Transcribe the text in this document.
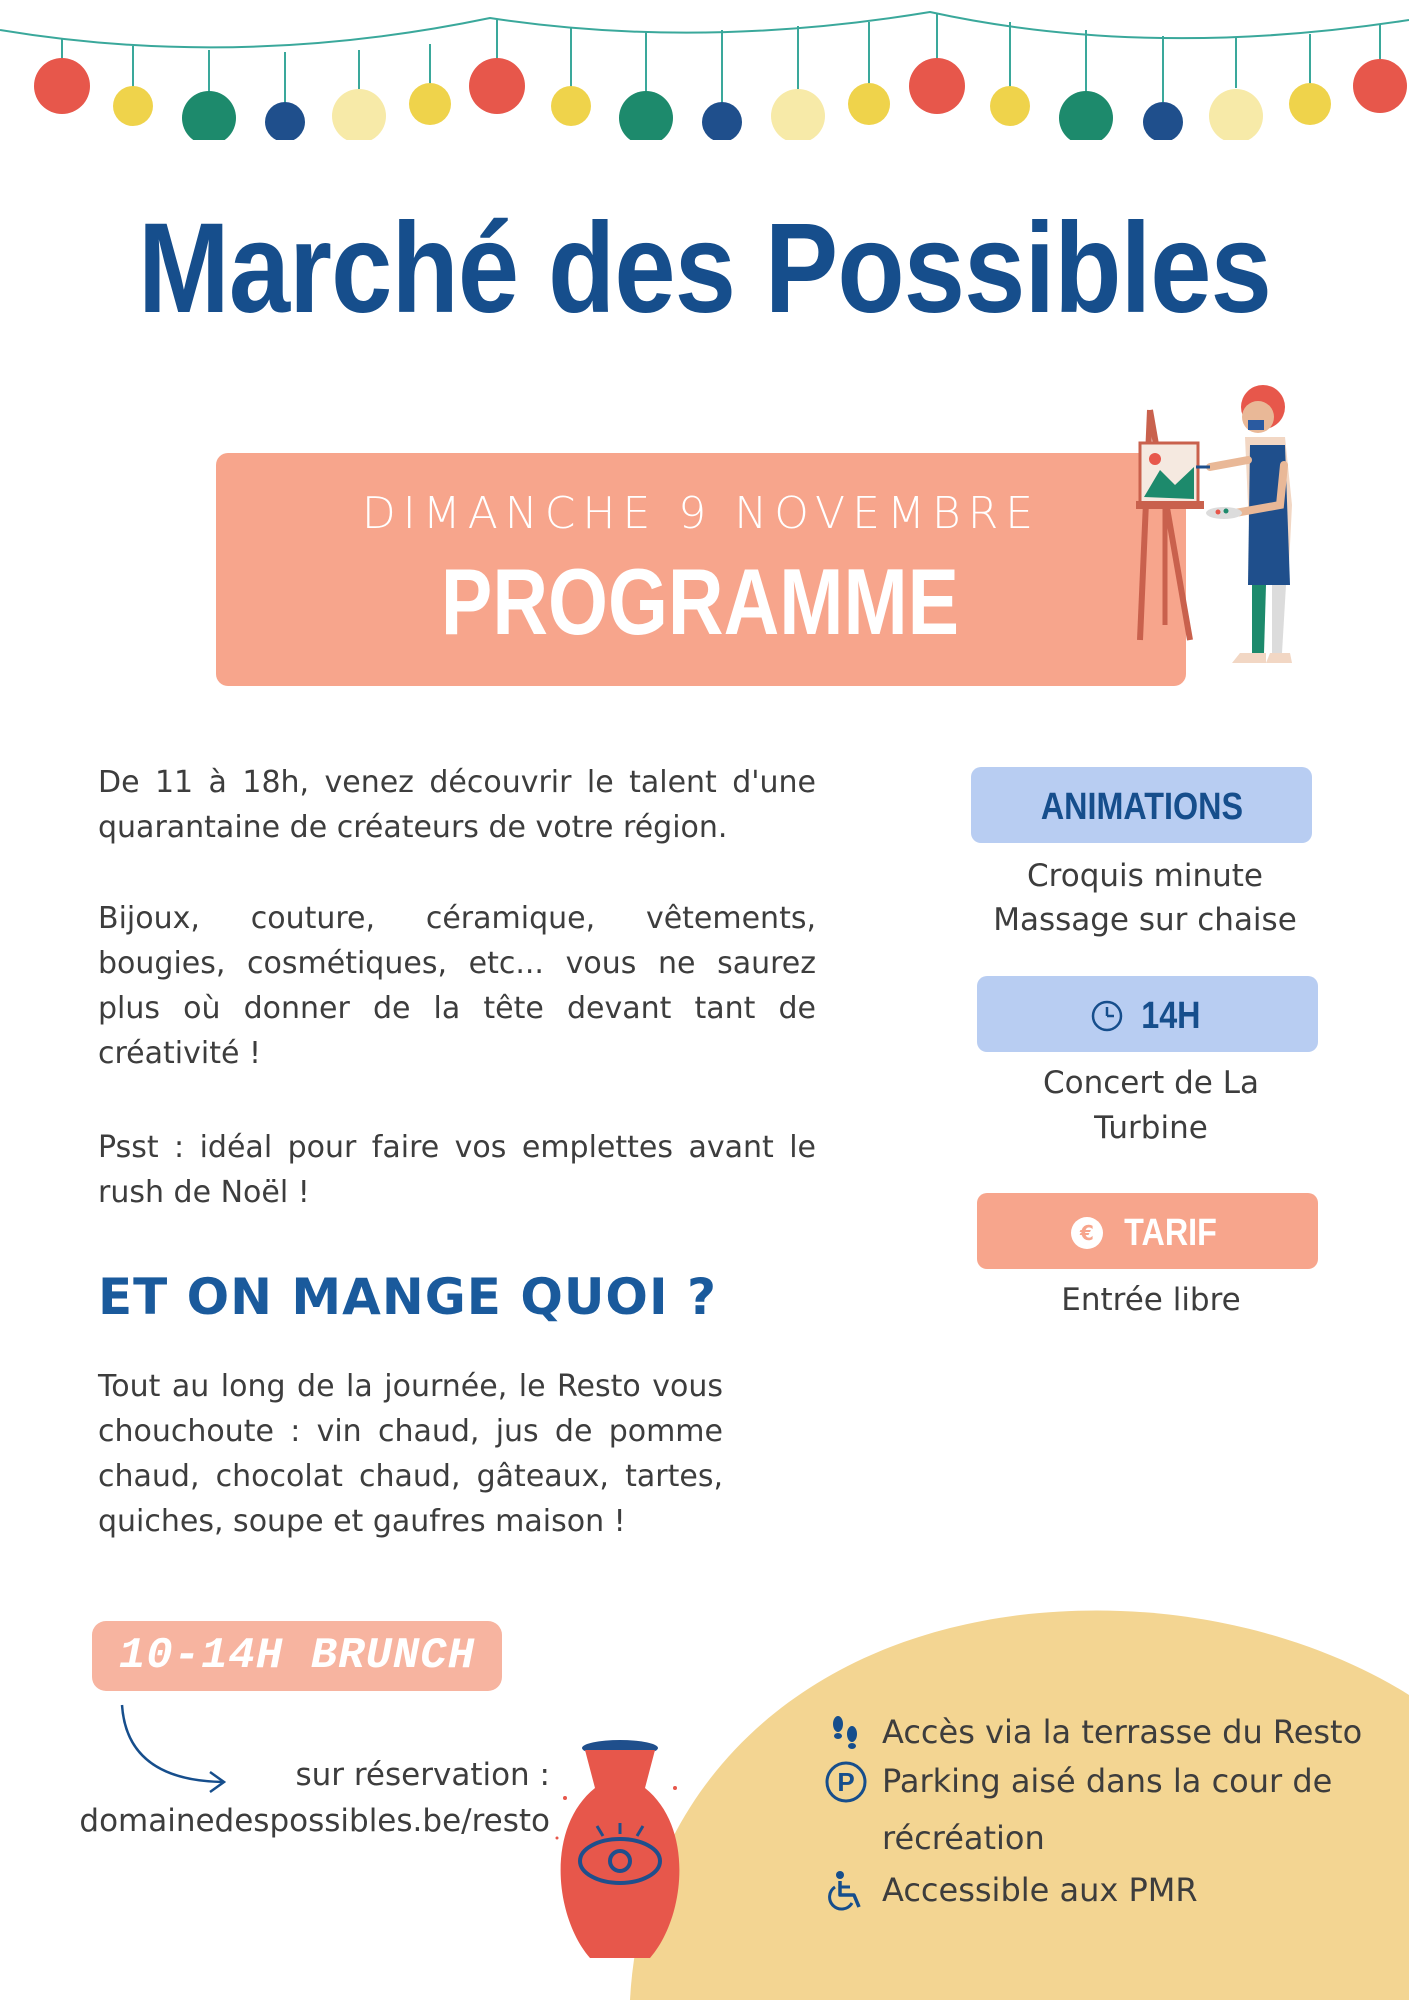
Marché des Possibles
DIMANCHE 9 NOVEMBRE
PROGRAMME

De 11 à 18h, venez découvrir le talent d'une quarantaine de créateurs de votre région.

Bijoux, couture, céramique, vêtements, bougies, cosmétiques, etc... vous ne saurez plus où donner de la tête devant tant de créativité !

Psst : idéal pour faire vos emplettes avant le rush de Noël !

ET ON MANGE QUOI ?

Tout au long de la journée, le Resto vous chouchoute : vin chaud, jus de pomme chaud, chocolat chaud, gâteaux, tartes, quiches, soupe et gaufres maison !

ANIMATIONS
Croquis minute
Massage sur chaise
14H
Concert de La
Turbine
€ TARIF
Entrée libre
10-14H BRUNCH
sur réservation :
domainedespossibles.be/resto
Accès via la terrasse du Resto
P Parking aisé dans la cour de
récréation
Accessible aux PMR
